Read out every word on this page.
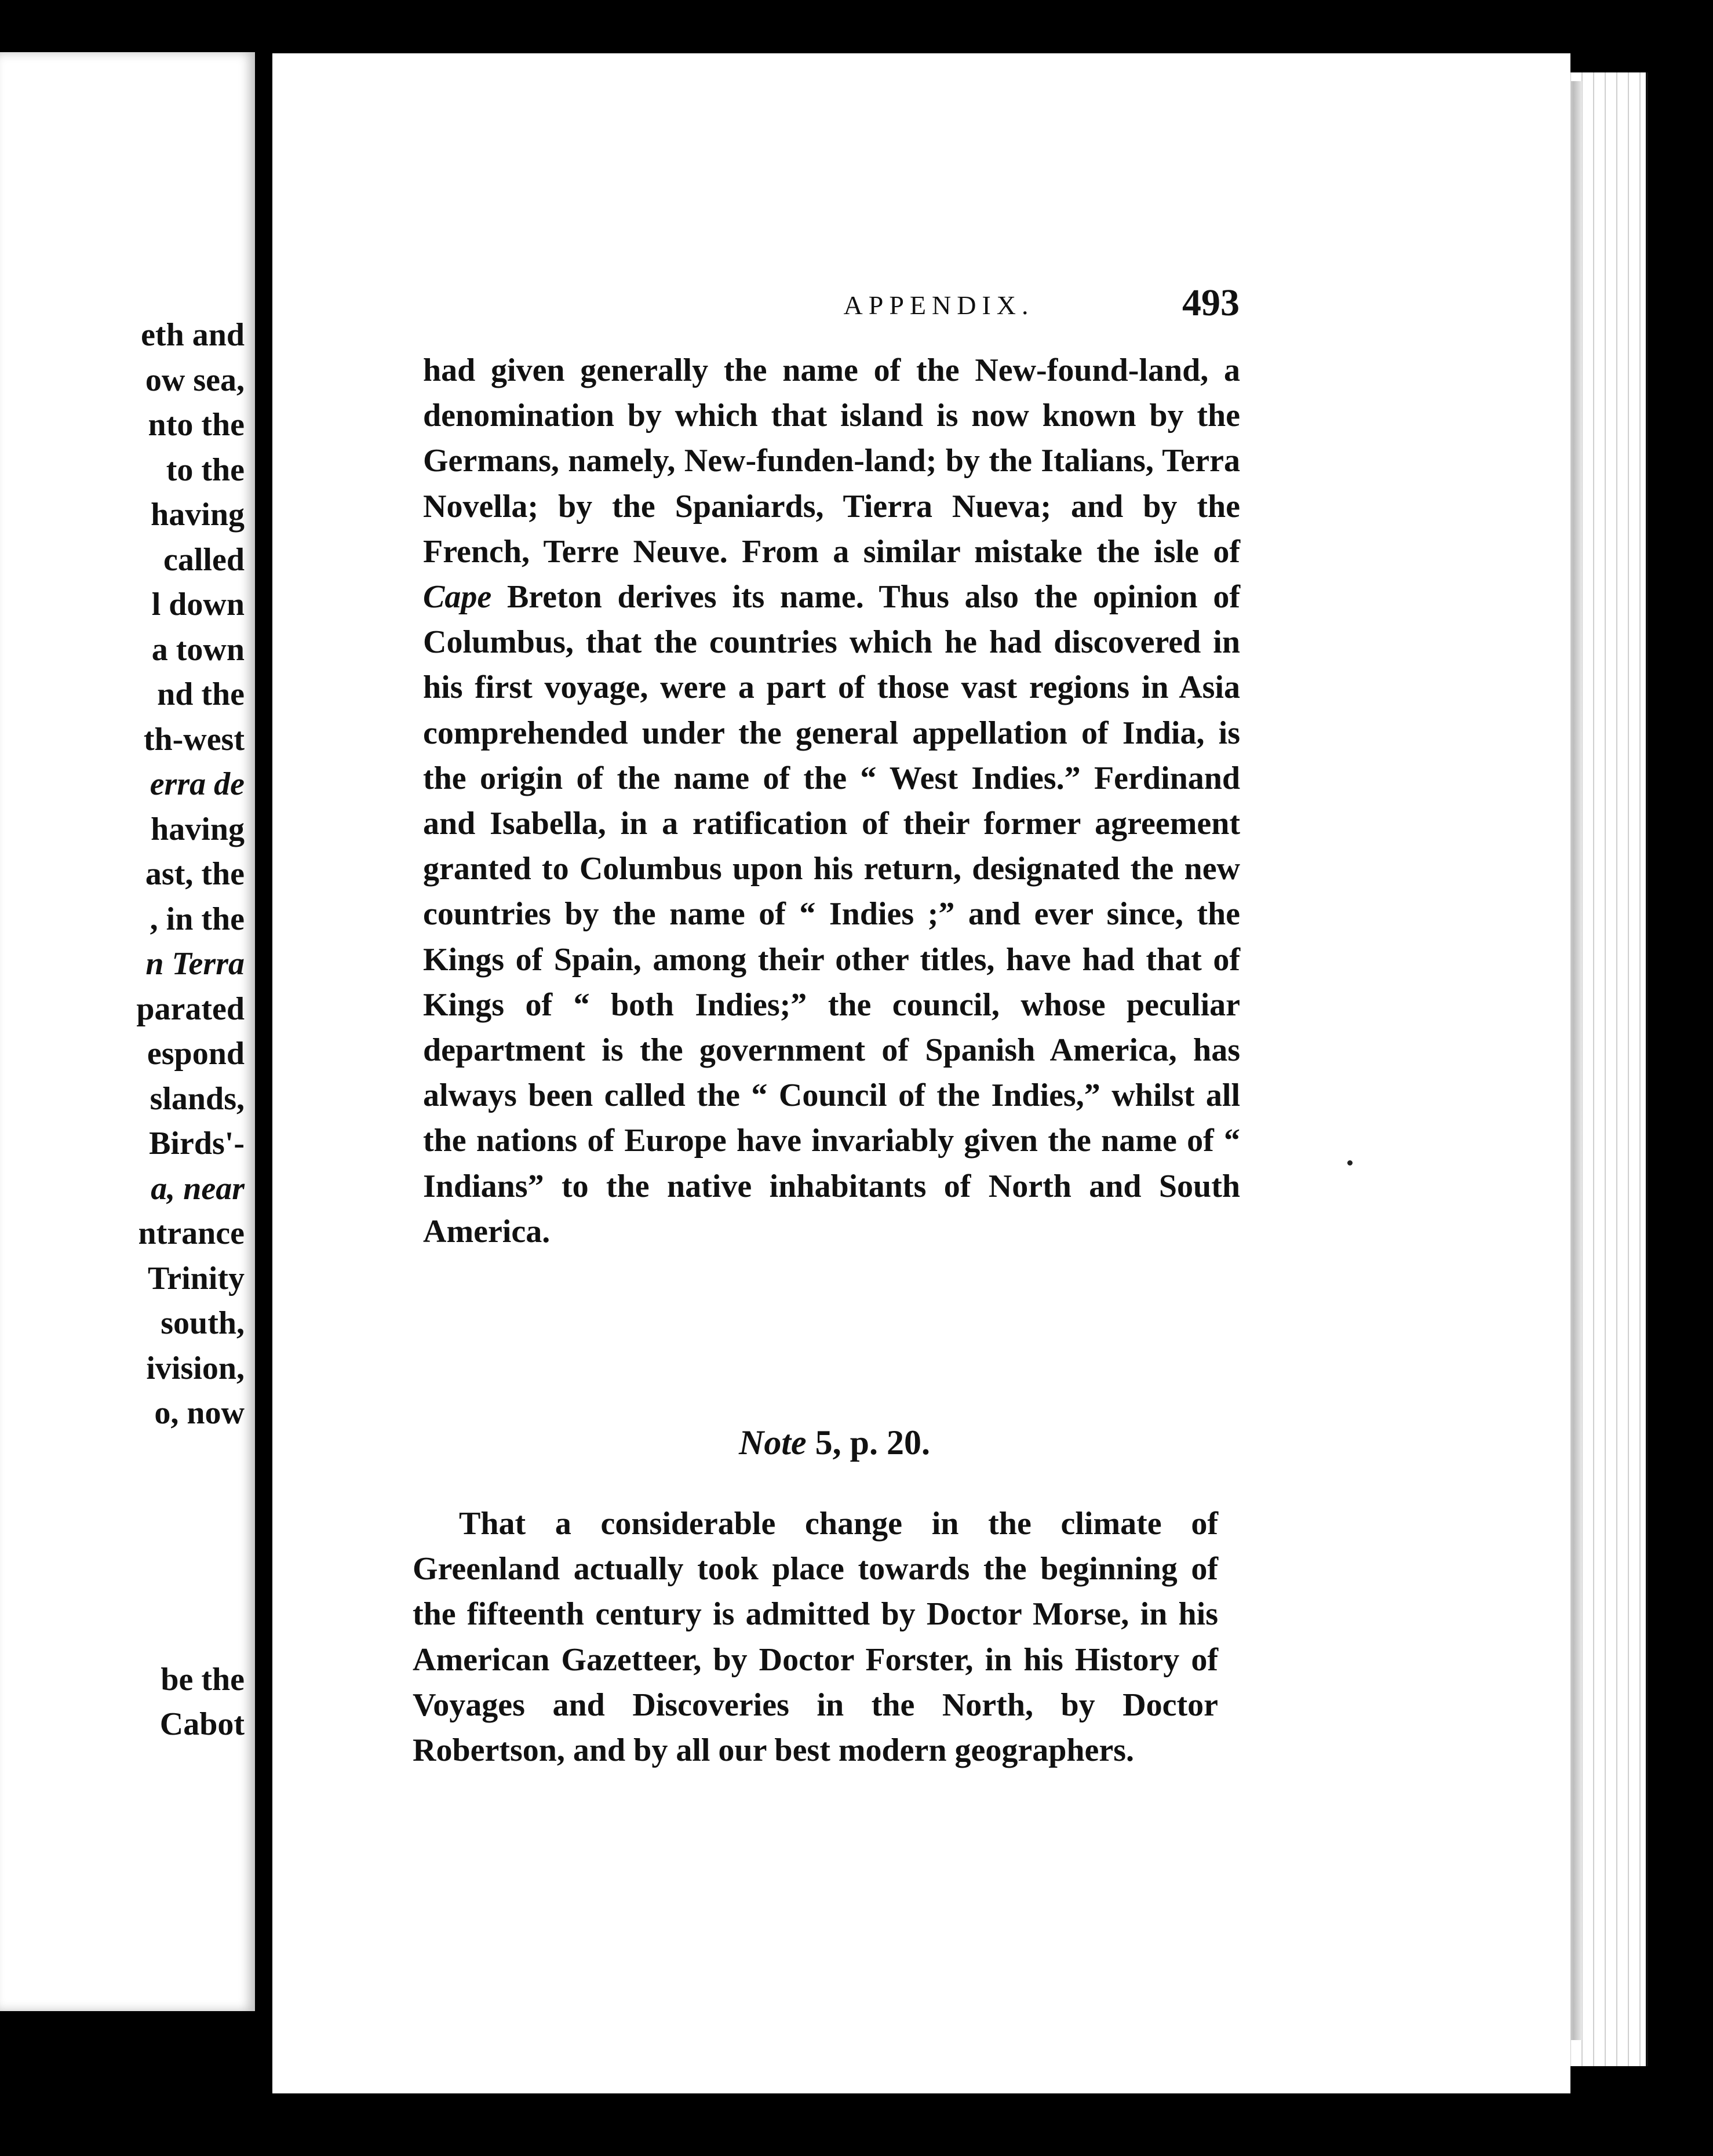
eth and
ow sea,
nto the
to the
having
called
l down
a town
nd the
th-west
erra de
having
ast, the
, in the
n Terra
parated
espond
slands,
Birds'-
a, near
ntrance
Trinity
south,
ivision,
o, now
be the
Cabot
APPENDIX.	493
had given generally the name of the New-found-land, a denomination by which that island is now known by the Germans, namely, New-funden-land; by the Italians, Terra Novella; by the Spaniards, Tierra Nueva; and by the French, Terre Neuve. From a similar mistake the isle of Cape Breton derives its name. Thus also the opinion of Columbus, that the countries which he had discovered in his first voyage, were a part of those vast regions in Asia comprehended under the general appellation of India, is the origin of the name of the “ West Indies.” Ferdinand and Isabella, in a ratification of their former agreement granted to Columbus upon his return, designated the new countries by the name of “ Indies ;” and ever since, the Kings of Spain, among their other titles, have had that of Kings of “ both Indies;” the council, whose peculiar department is the government of Spanish America, has always been called the “ Council of the Indies,” whilst all the nations of Europe have invariably given the name of “ Indians” to the native inhabitants of North and South America.
Note 5, p. 20.
That a considerable change in the climate of Greenland actually took place towards the beginning of the fifteenth century is admitted by Doctor Morse, in his American Gazetteer, by Doctor Forster, in his History of Voyages and Discoveries in the North, by Doctor Robertson, and by all our best modern geographers.
